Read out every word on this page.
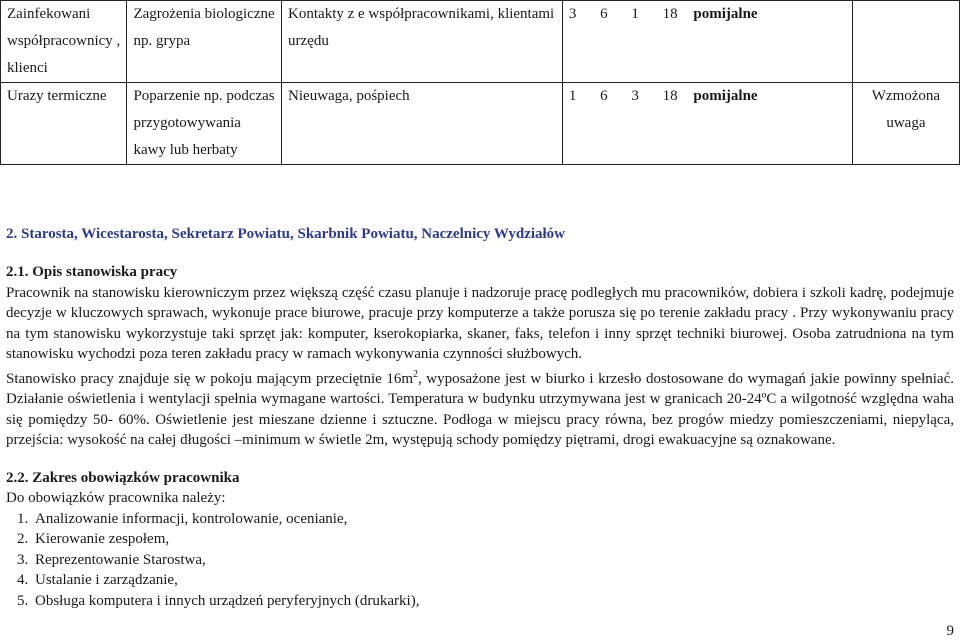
Zainfekowani współpracownicy , klienci	Zagrożenia biologiczne np. grypa	Kontakty z e współpracownikami, klientami urzędu	3 6 1 18 pomijalne	
Urazy termiczne	Poparzenie np. podczas przygotowywania kawy lub herbaty	Nieuwaga, pośpiech	1 6 3 18 pomijalne	Wzmożona uwaga
2. Starosta, Wicestarosta, Sekretarz Powiatu, Skarbnik Powiatu, Naczelnicy Wydziałów
2.1. Opis stanowiska pracy

Pracownik na stanowisku kierowniczym przez większą część czasu planuje i nadzoruje pracę podległych mu pracowników, dobiera i szkoli kadrę, podejmuje decyzje w kluczowych sprawach, wykonuje prace biurowe, pracuje przy komputerze a także porusza się po terenie zakładu pracy . Przy wykonywaniu pracy na tym stanowisku wykorzystuje taki sprzęt jak: komputer, kserokopiarka, skaner, faks, telefon i inny sprzęt techniki biurowej. Osoba zatrudniona na tym stanowisku wychodzi poza teren zakładu pracy w ramach wykonywania czynności służbowych.

Stanowisko pracy znajduje się w pokoju mającym przeciętnie $16m^2$, wyposażone jest w biurko i krzesło dostosowane do wymagań jakie powinny spełniać. Działanie oświetlenia i wentylacji spełnia wymagane wartości. Temperatura w budynku utrzymywana jest w granicach 20-24ºC a wilgotność względna waha się pomiędzy 50- 60%. Oświetlenie jest mieszane dzienne i sztuczne. Podłoga w miejscu pracy równa, bez progów miedzy pomieszczeniami, niepyląca, przejścia: wysokość na całej długości –minimum w świetle 2m, występują schody pomiędzy piętrami, drogi ewakuacyjne są oznakowane.

2.2. Zakres obowiązków pracownika

Do obowiązków pracownika należy:

1. Analizowanie informacji, kontrolowanie, ocenianie,
2. Kierowanie zespołem,
3. Reprezentowanie Starostwa,
4. Ustalanie i zarządzanie,
5. Obsługa komputera i innych urządzeń peryferyjnych (drukarki),
9
